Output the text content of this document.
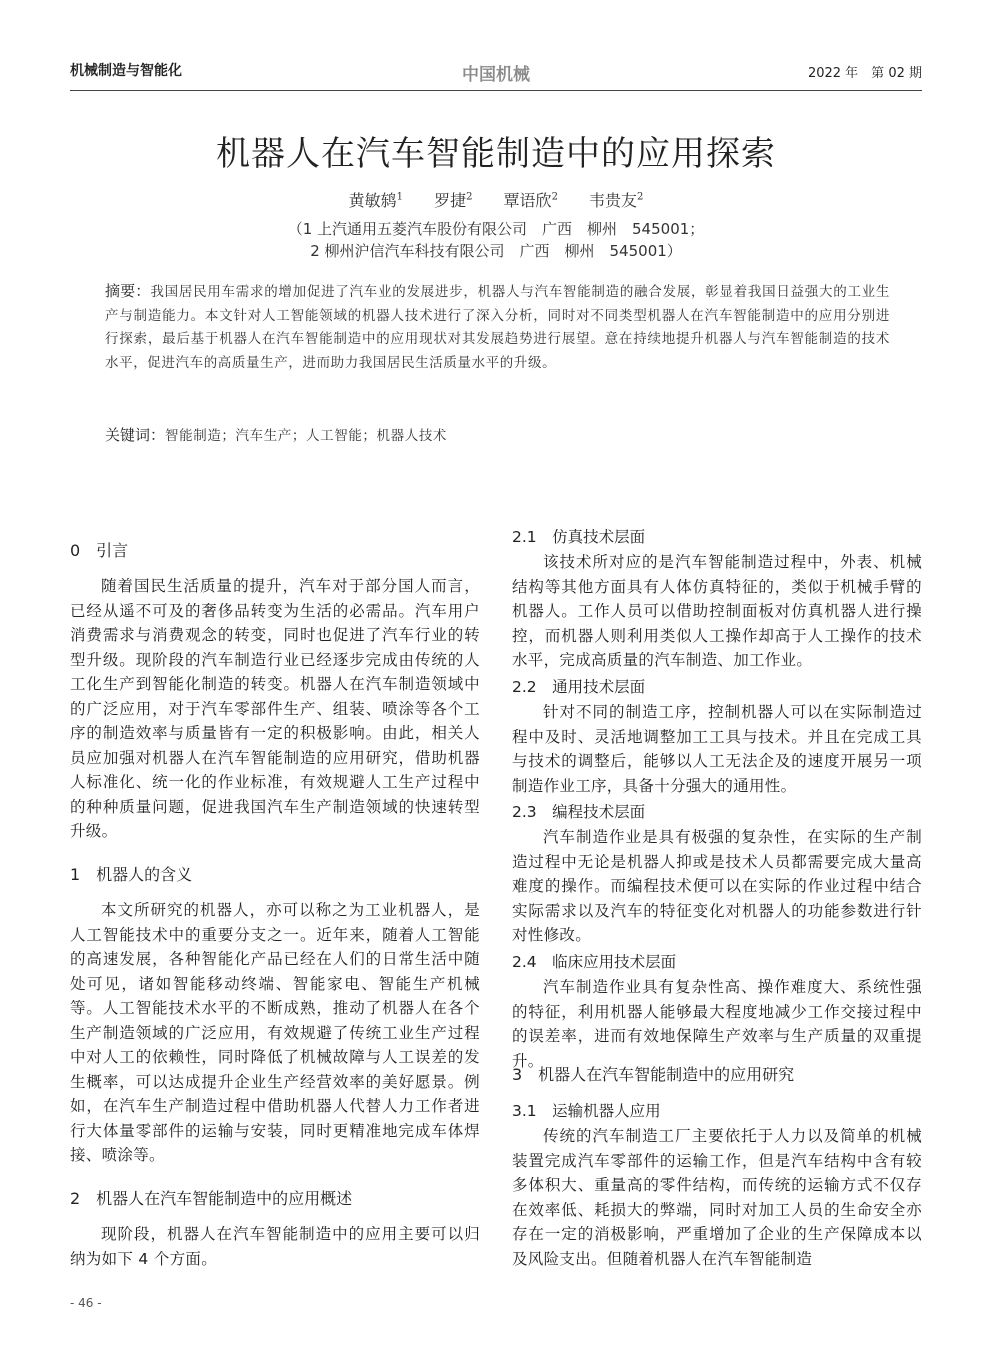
机械制造与智能化	中国机械	2022 年　第 02 期
机器人在汽车智能制造中的应用探索
黄敏鸫$^1$ 罗捷$^2$ 覃语欣$^2$ 韦贵友$^2$
（1 上汽通用五菱汽车股份有限公司　广西　柳州　545001；
2 柳州沪信汽车科技有限公司　广西　柳州　545001）
摘要：我国居民用车需求的增加促进了汽车业的发展进步，机器人与汽车智能制造的融合发展，彰显着我国日益强大的工业生产与制造能力。本文针对人工智能领域的机器人技术进行了深入分析，同时对不同类型机器人在汽车智能制造中的应用分别进行探索，最后基于机器人在汽车智能制造中的应用现状对其发展趋势进行展望。意在持续地提升机器人与汽车智能制造的技术水平，促进汽车的高质量生产，进而助力我国居民生活质量水平的升级。
关键词：智能制造；汽车生产；人工智能；机器人技术
0　引言
随着国民生活质量的提升，汽车对于部分国人而言，已经从遥不可及的奢侈品转变为生活的必需品。汽车用户消费需求与消费观念的转变，同时也促进了汽车行业的转型升级。现阶段的汽车制造行业已经逐步完成由传统的人工化生产到智能化制造的转变。机器人在汽车制造领域中的广泛应用，对于汽车零部件生产、组装、喷涂等各个工序的制造效率与质量皆有一定的积极影响。由此，相关人员应加强对机器人在汽车智能制造的应用研究，借助机器人标准化、统一化的作业标准，有效规避人工生产过程中的种种质量问题，促进我国汽车生产制造领域的快速转型升级。
1　机器人的含义
本文所研究的机器人，亦可以称之为工业机器人，是人工智能技术中的重要分支之一。近年来，随着人工智能的高速发展，各种智能化产品已经在人们的日常生活中随处可见，诸如智能移动终端、智能家电、智能生产机械等。人工智能技术水平的不断成熟，推动了机器人在各个生产制造领域的广泛应用，有效规避了传统工业生产过程中对人工的依赖性，同时降低了机械故障与人工误差的发生概率，可以达成提升企业生产经营效率的美好愿景。例如，在汽车生产制造过程中借助机器人代替人力工作者进行大体量零部件的运输与安装，同时更精准地完成车体焊接、喷涂等。
2　机器人在汽车智能制造中的应用概述
现阶段，机器人在汽车智能制造中的应用主要可以归纳为如下 4 个方面。
2.1　仿真技术层面
该技术所对应的是汽车智能制造过程中，外表、机械结构等其他方面具有人体仿真特征的，类似于机械手臂的机器人。工作人员可以借助控制面板对仿真机器人进行操控，而机器人则利用类似人工操作却高于人工操作的技术水平，完成高质量的汽车制造、加工作业。
2.2　通用技术层面
针对不同的制造工序，控制机器人可以在实际制造过程中及时、灵活地调整加工工具与技术。并且在完成工具与技术的调整后，能够以人工无法企及的速度开展另一项制造作业工序，具备十分强大的通用性。
2.3　编程技术层面
汽车制造作业是具有极强的复杂性，在实际的生产制造过程中无论是机器人抑或是技术人员都需要完成大量高难度的操作。而编程技术便可以在实际的作业过程中结合实际需求以及汽车的特征变化对机器人的功能参数进行针对性修改。
2.4　临床应用技术层面
汽车制造作业具有复杂性高、操作难度大、系统性强的特征，利用机器人能够最大程度地减少工作交接过程中的误差率，进而有效地保障生产效率与生产质量的双重提升。
3　机器人在汽车智能制造中的应用研究
3.1　运输机器人应用
传统的汽车制造工厂主要依托于人力以及简单的机械装置完成汽车零部件的运输工作，但是汽车结构中含有较多体积大、重量高的零件结构，而传统的运输方式不仅存在效率低、耗损大的弊端，同时对加工人员的生命安全亦存在一定的消极影响，严重增加了企业的生产保障成本以及风险支出。但随着机器人在汽车智能制造
- 46 -
